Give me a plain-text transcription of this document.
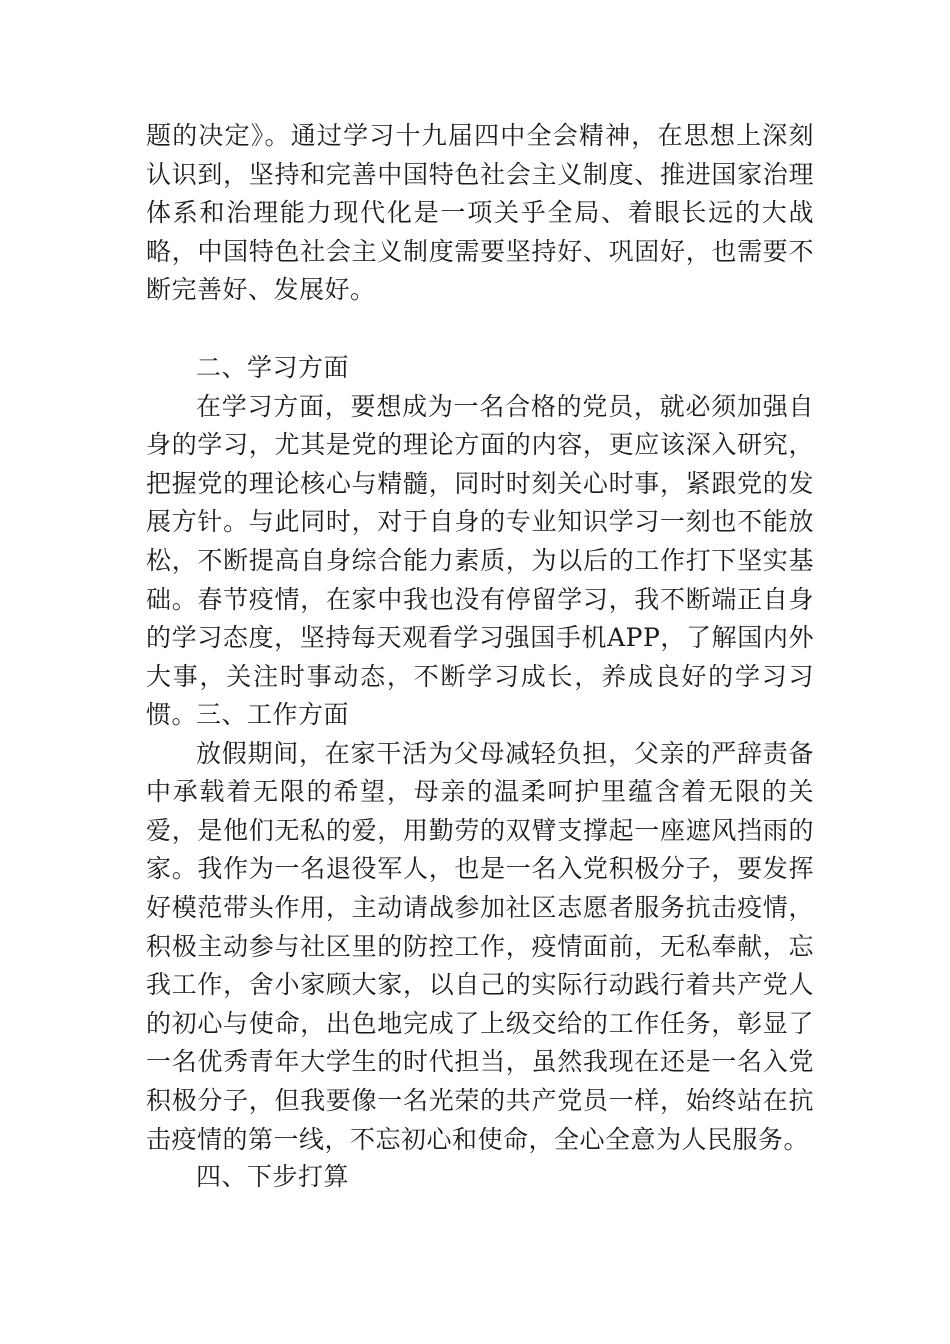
题的决定》。通过学习十九届四中全会精神，在思想上深刻认识到，坚持和完善中国特色社会主义制度、推进国家治理体系和治理能力现代化是一项关乎全局、着眼长远的大战略，中国特色社会主义制度需要坚持好、巩固好，也需要不断完善好、发展好。

二、学习方面

在学习方面，要想成为一名合格的党员，就必须加强自身的学习，尤其是党的理论方面的内容，更应该深入研究，把握党的理论核心与精髓，同时时刻关心时事，紧跟党的发展方针。与此同时，对于自身的专业知识学习一刻也不能放松，不断提高自身综合能力素质，为以后的工作打下坚实基础。春节疫情，在家中我也没有停留学习，我不断端正自身的学习态度，坚持每天观看学习强国手机APP，了解国内外大事，关注时事动态，不断学习成长，养成良好的学习习惯。

三、工作方面

放假期间，在家干活为父母减轻负担，父亲的严辞责备中承载着无限的希望，母亲的温柔呵护里蕴含着无限的关爱，是他们无私的爱，用勤劳的双臂支撑起一座遮风挡雨的家。我作为一名退役军人，也是一名入党积极分子，要发挥好模范带头作用，主动请战参加社区志愿者服务抗击疫情，积极主动参与社区里的防控工作，疫情面前，无私奉献，忘我工作，舍小家顾大家，以自己的实际行动践行着共产党人的初心与使命，出色地完成了上级交给的工作任务，彰显了一名优秀青年大学生的时代担当，虽然我现在还是一名入党积极分子，但我要像一名光荣的共产党员一样，始终站在抗击疫情的第一线，不忘初心和使命，全心全意为人民服务。

四、下步打算
